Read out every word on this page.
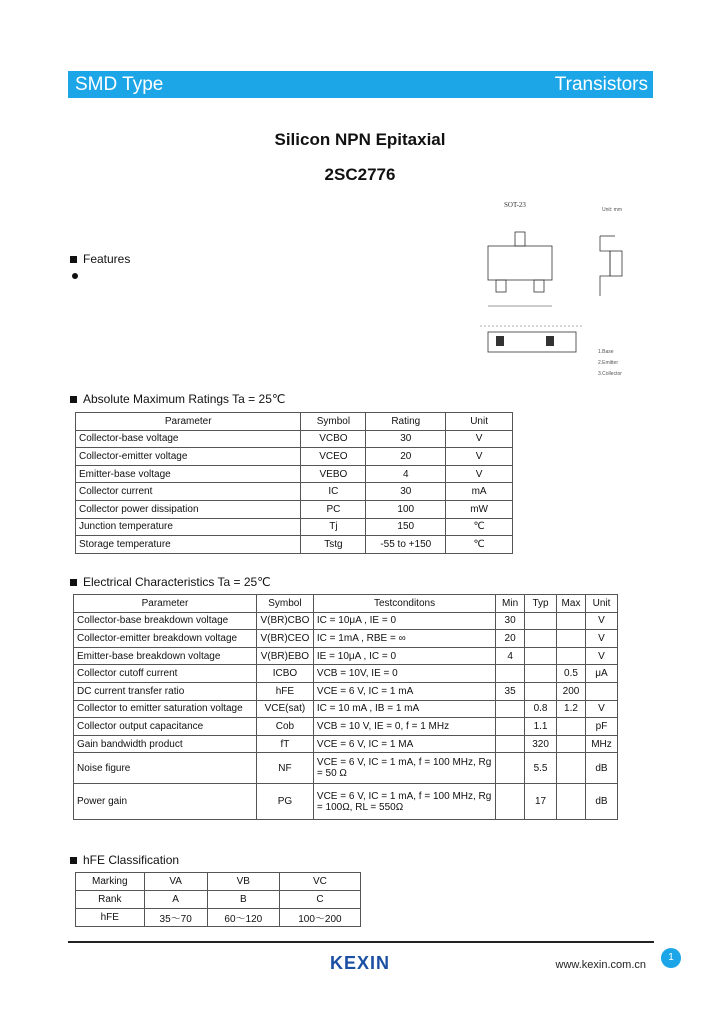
SMD Type	Transistors
Silicon NPN Epitaxial
2SC2776
SOT-23
Unit: mm
1.Base
2.Emitter
3.Collector
Features
Absolute Maximum Ratings Ta = 25℃
Parameter	Symbol	Rating	Unit
Collector-base voltage	VCBO	30	V
Collector-emitter voltage	VCEO	20	V
Emitter-base voltage	VEBO	4	V
Collector current	IC	30	mA
Collector power dissipation	PC	100	mW
Junction temperature	Tj	150	℃
Storage temperature	Tstg	-55 to +150	℃
Electrical Characteristics Ta = 25℃
Parameter	Symbol	Testconditons	Min	Typ	Max	Unit
Collector-base breakdown voltage	V(BR)CBO	IC = 10μA , IE = 0	30			V
Collector-emitter breakdown voltage	V(BR)CEO	IC = 1mA , RBE = ∞	20			V
Emitter-base breakdown voltage	V(BR)EBO	IE = 10μA , IC = 0	4			V
Collector cutoff current	ICBO	VCB = 10V, IE = 0			0.5	μA
DC current transfer ratio	hFE	VCE = 6 V, IC = 1 mA	35		200	
Collector to emitter saturation voltage	VCE(sat)	IC = 10 mA , IB = 1 mA		0.8	1.2	V
Collector output capacitance	Cob	VCB = 10 V, IE = 0, f = 1 MHz		1.1		pF
Gain bandwidth product	fT	VCE = 6 V, IC = 1 MA		320		MHz
Noise figure	NF	VCE = 6 V, IC = 1 mA, f = 100 MHz, Rg = 50 Ω		5.5		dB
Power gain	PG	VCE = 6 V, IC = 1 mA, f = 100 MHz, Rg = 100Ω, RL = 550Ω		17		dB
hFE Classification
Marking	VA	VB	VC
Rank	A	B	C
hFE	35～70	60～120	100～200
KEXIN	www.kexin.com.cn
1
